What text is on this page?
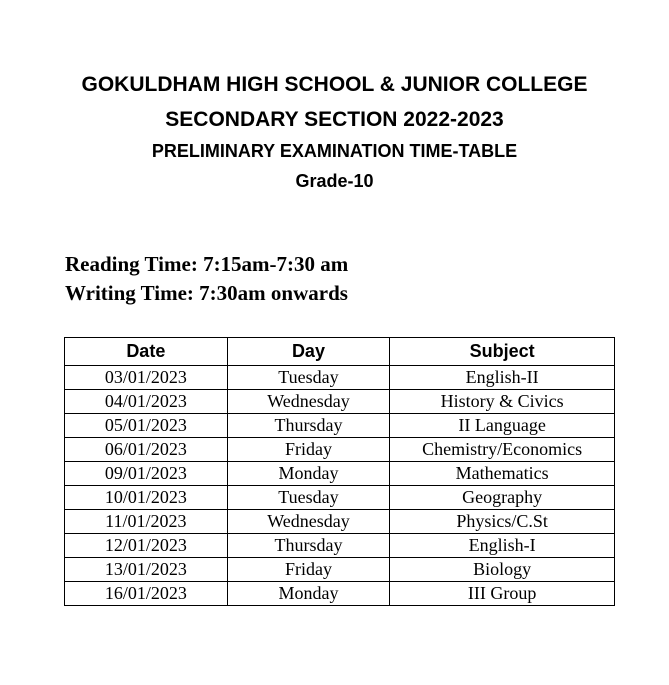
GOKULDHAM HIGH SCHOOL & JUNIOR COLLEGE
SECONDARY SECTION 2022-2023
PRELIMINARY EXAMINATION TIME-TABLE
Grade-10
Reading Time: 7:15am-7:30 am
Writing Time: 7:30am onwards
Date	Day	Subject
03/01/2023	Tuesday	English-II
04/01/2023	Wednesday	History & Civics
05/01/2023	Thursday	II Language
06/01/2023	Friday	Chemistry/Economics
09/01/2023	Monday	Mathematics
10/01/2023	Tuesday	Geography
11/01/2023	Wednesday	Physics/C.St
12/01/2023	Thursday	English-I
13/01/2023	Friday	Biology
16/01/2023	Monday	III Group
